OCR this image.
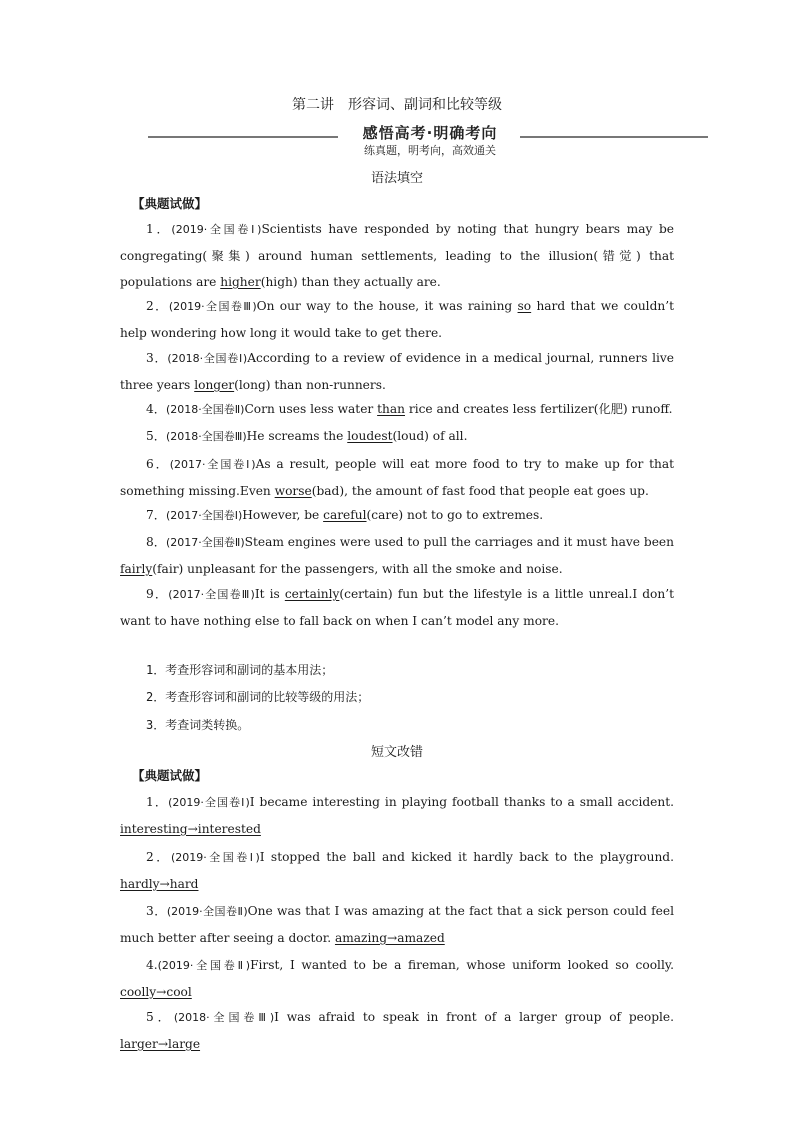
第二讲　形容词、副词和比较等级
感悟高考·明确考向
练真题，明考向，高效通关
语法填空
【典题试做】
1．(2019·全国卷Ⅰ)Scientists have responded by noting that hungry bears may be congregating(聚集) around human settlements, leading to the illusion(错觉) that populations are higher(high) than they actually are.
2．(2019·全国卷Ⅲ)On our way to the house, it was raining so hard that we couldn’t help wondering how long it would take to get there.
3．(2018·全国卷Ⅰ)According to a review of evidence in a medical journal, runners live three years longer(long) than non-runners.
4．(2018·全国卷Ⅱ)Corn uses less water than rice and creates less fertilizer(化肥) runoff.
5．(2018·全国卷Ⅲ)He screams the loudest(loud) of all.
6．(2017·全国卷Ⅰ)As a result, people will eat more food to try to make up for that something missing.Even worse(bad), the amount of fast food that people eat goes up.
7．(2017·全国卷Ⅰ)However, be careful(care) not to go to extremes.
8．(2017·全国卷Ⅱ)Steam engines were used to pull the carriages and it must have been fairly(fair) unpleasant for the passengers, with all the smoke and noise.
9．(2017·全国卷Ⅲ)It is certainly(certain) fun but the lifestyle is a little unreal.I don’t want to have nothing else to fall back on when I can’t model any more.
1．考查形容词和副词的基本用法；
2．考查形容词和副词的比较等级的用法；
3．考查词类转换。
短文改错
【典题试做】
1．(2019·全国卷Ⅰ)I became interesting in playing football thanks to a small accident. interesting→interested
2．(2019·全国卷Ⅰ)I stopped the ball and kicked it hardly back to the playground. hardly→hard
3．(2019·全国卷Ⅱ)One was that I was amazing at the fact that a sick person could feel much better after seeing a doctor. amazing→amazed
4.(2019·全国卷Ⅱ)First, I wanted to be a fireman, whose uniform looked so coolly. coolly→cool
5．(2018·全国卷Ⅲ)I was afraid to speak in front of a larger group of people. larger→large
